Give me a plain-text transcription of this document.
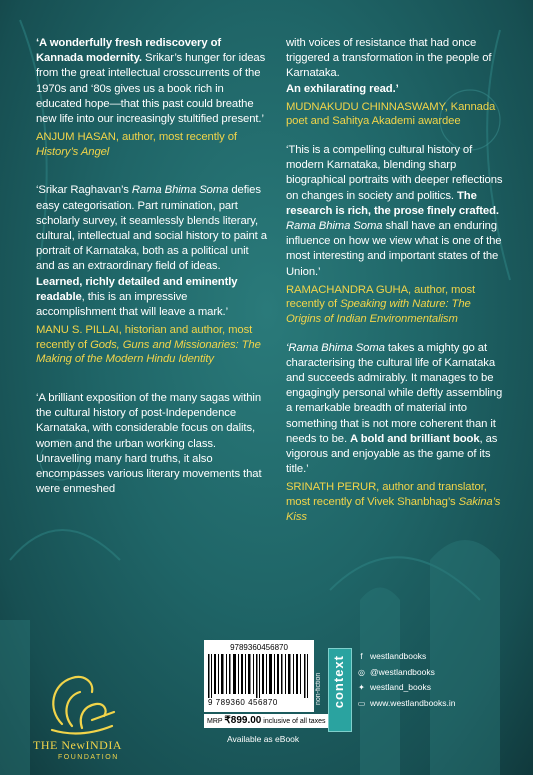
‘A wonderfully fresh rediscovery of Kannada modernity. Srikar’s hunger for ideas from the great intellectual crosscurrents of the 1970s and ‘80s gives us a book rich in educated hope—that this past could breathe new life into our increasingly stultified present.’

ANJUM HASAN, author, most recently of History’s Angel

‘Srikar Raghavan’s Rama Bhima Soma defies easy categorisation. Part rumination, part scholarly survey, it seamlessly blends literary, cultural, intellectual and social history to paint a portrait of Karnataka, both as a political unit and as an extraordinary field of ideas. Learned, richly detailed and eminently readable, this is an impressive accomplishment that will leave a mark.’

MANU S. PILLAI, historian and author, most recently of Gods, Guns and Missionaries: The Making of the Modern Hindu Identity

‘A brilliant exposition of the many sagas within the cultural history of post-Independence Karnataka, with considerable focus on dalits, women and the urban working class. Unravelling many hard truths, it also encompasses various literary movements that were enmeshed

with voices of resistance that had once triggered a transformation in the people of Karnataka.
An exhilarating read.’

MUDNAKUDU CHINNASWAMY, Kannada poet and Sahitya Akademi awardee

‘This is a compelling cultural history of modern Karnataka, blending sharp biographical portraits with deeper reflections on changes in society and politics. The research is rich, the prose finely crafted.
Rama Bhima Soma shall have an enduring influence on how we view what is one of the most interesting and important states of the Union.’

RAMACHANDRA GUHA, author, most recently of Speaking with Nature: The Origins of Indian Environmentalism

‘Rama Bhima Soma takes a mighty go at characterising the cultural life of Karnataka and succeeds admirably. It manages to be engagingly personal while deftly assembling a remarkable breadth of material into something that is not more coherent than it needs to be. A bold and brilliant book, as vigorous and enjoyable as the game of its title.’

SRINATH PERUR, author and translator, most recently of Vivek Shanbhag’s Sakina’s Kiss

THE NewINDIA
FOUNDATION
9789360456870
9 789360 456870	non-fiction
MRP ₹899.00 inclusive of all taxes
Available as eBook
context	f westlandbooks
◎ @westlandbooks
✦ westland_books
▭ www.westlandbooks.in
